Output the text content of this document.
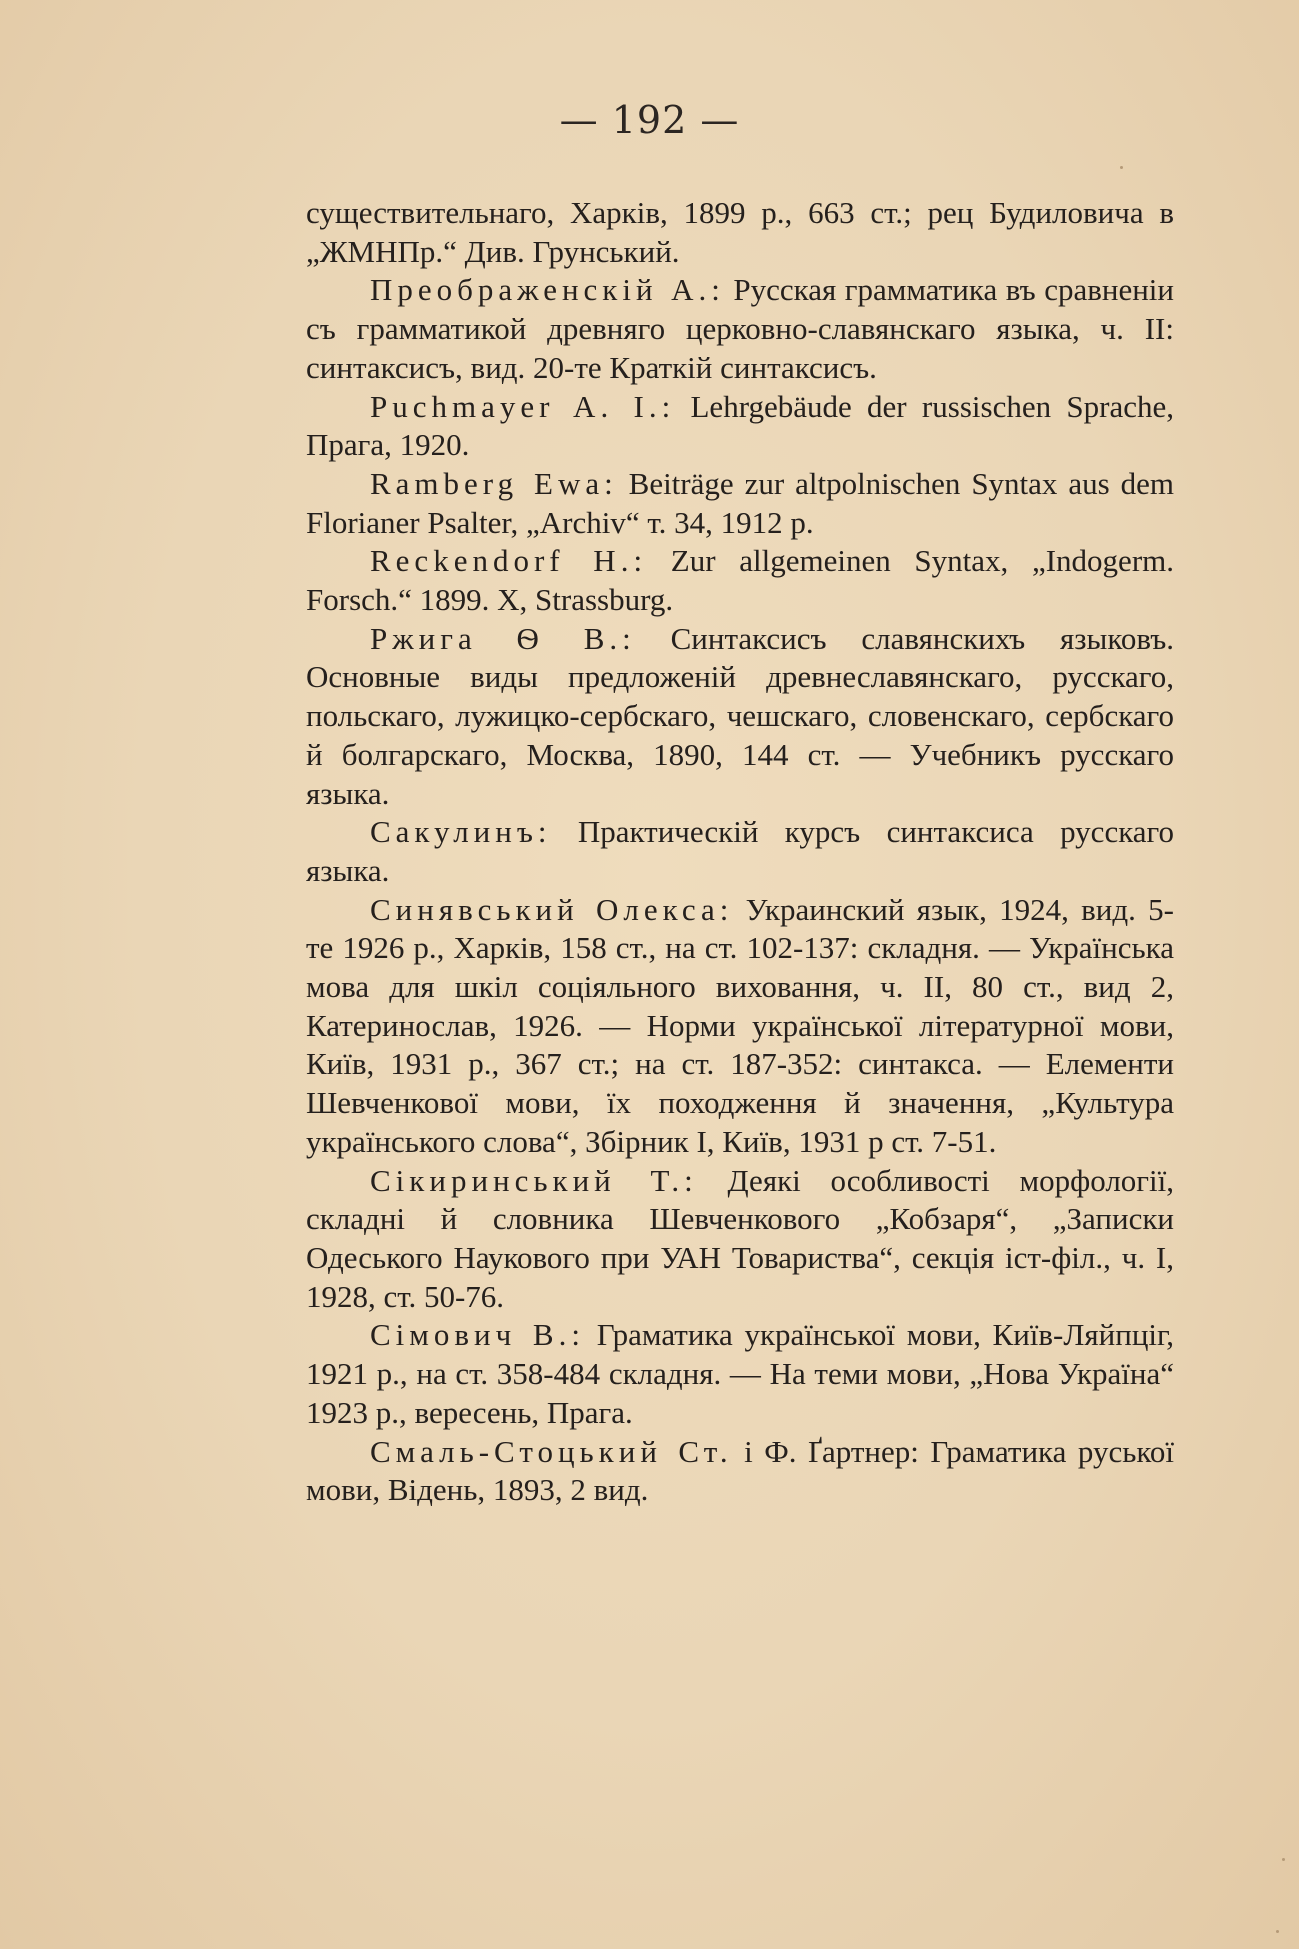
— 192 —

существительнаго, Харків, 1899 р., 663 ст.; рец Будиловича в „ЖМНПр.“ Див. Грунський.

Преображенскій А.: Русская грамматика въ сравненіи съ грамматикой древняго церковно-славянскаго языка, ч. II: синтаксисъ, вид. 20-те Краткій синтаксисъ.

Puchmayer A. I.: Lehrgebäude der russischen Sprache, Прага, 1920.

Ramberg Ewa: Beiträge zur altpolnischen Syntax aus dem Florianer Psalter, „Archiv“ т. 34, 1912 р.

Reckendorf H.: Zur allgemeinen Syntax, „Indogerm. Forsch.“ 1899. X, Strassburg.

Ржига Ѳ В.: Синтаксисъ славянскихъ языковъ. Основные виды предложеній древнеславянскаго, русскаго, польскаго, лужицко-сербскаго, чешскаго, словенскаго, сербскаго й болгарскаго, Москва, 1890, 144 ст. — Учебникъ русскаго языка.

Сакулинъ: Практическій курсъ синтаксиса русскаго языка.

Синявський Олекса: Украинский язык, 1924, вид. 5-те 1926 р., Харків, 158 ст., на ст. 102-137: складня. — Українська мова для шкіл соціяльного виховання, ч. II, 80 ст., вид 2, Катеринослав, 1926. — Норми української літературної мови, Київ, 1931 р., 367 ст.; на ст. 187-352: синтакса. — Елементи Шевченкової мови, їх походження й значення, „Культура українського слова“, Збірник I, Київ, 1931 р ст. 7-51.

Сікиринський Т.: Деякі особливості морфології, складні й словника Шевченкового „Кобзаря“, „Записки Одеського Наукового при УАН Товариства“, секція іст-філ., ч. I, 1928, ст. 50-76.

Сімович В.: Граматика української мови, Київ-Ляйпціг, 1921 р., на ст. 358-484 складня. — На теми мови, „Нова Україна“ 1923 р., вересень, Прага.

Смаль-Стоцький Ст. і Ф. Ґартнер: Граматика руської мови, Відень, 1893, 2 вид.
